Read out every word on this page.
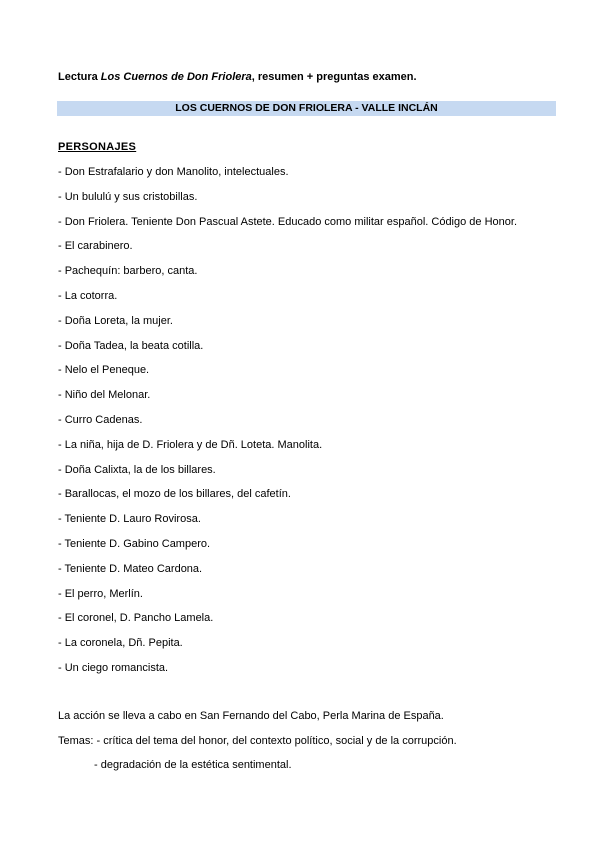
Lectura Los Cuernos de Don Friolera, resumen + preguntas examen.
LOS CUERNOS DE DON FRIOLERA - VALLE INCLÁN
PERSONAJES
- Don Estrafalario y don Manolito, intelectuales.
- Un bululú y sus cristobillas.
- Don Friolera. Teniente Don Pascual Astete. Educado como militar español. Código de Honor.
- El carabinero.
- Pachequín: barbero, canta.
- La cotorra.
- Doña Loreta, la mujer.
- Doña Tadea, la beata cotilla.
- Nelo el Peneque.
- Niño del Melonar.
- Curro Cadenas.
- La niña, hija de D. Friolera y de Dñ. Loteta. Manolita.
- Doña Calixta, la de los billares.
- Barallocas, el mozo de los billares, del cafetín.
- Teniente D. Lauro Rovirosa.
- Teniente D. Gabino Campero.
- Teniente D. Mateo Cardona.
- El perro, Merlín.
- El coronel, D. Pancho Lamela.
- La coronela, Dñ. Pepita.
- Un ciego romancista.
La acción se lleva a cabo en San Fernando del Cabo, Perla Marina de España.
Temas: - crítica del tema del honor, del contexto político, social y de la corrupción.
- degradación de la estética sentimental.
